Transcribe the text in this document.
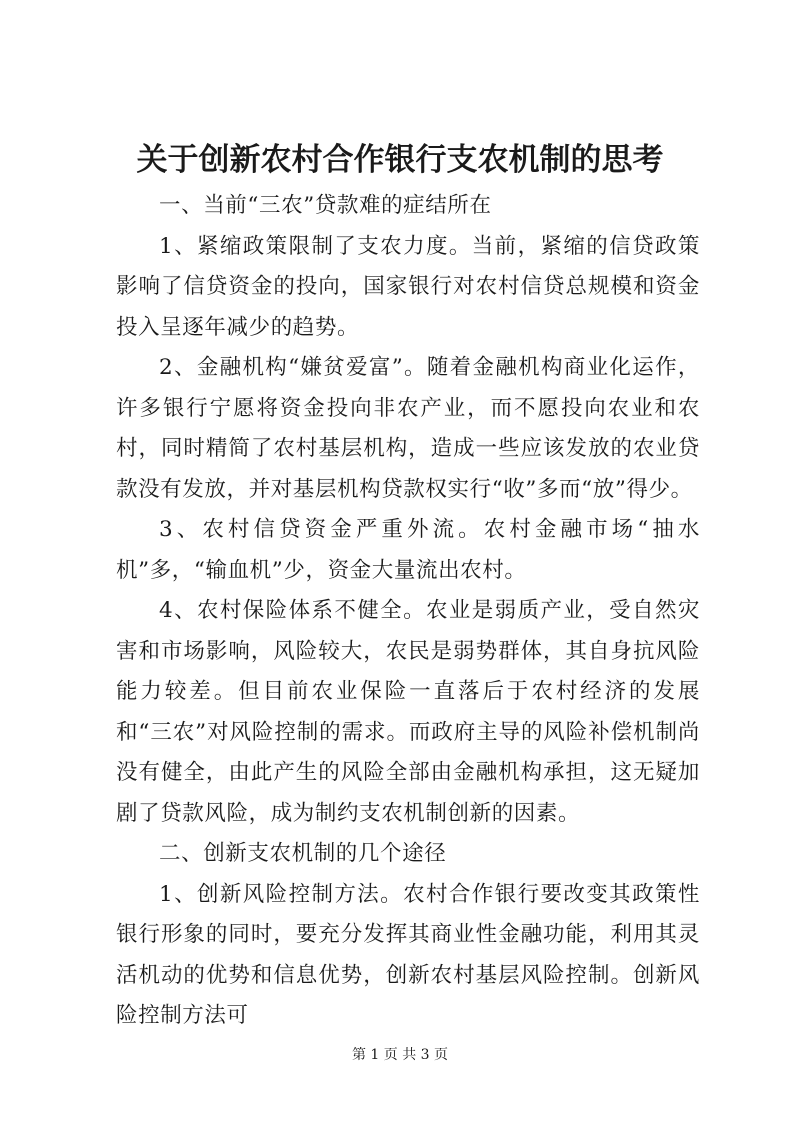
关于创新农村合作银行支农机制的思考

一、当前“三农”贷款难的症结所在

1、紧缩政策限制了支农力度。当前，紧缩的信贷政策影响了信贷资金的投向，国家银行对农村信贷总规模和资金投入呈逐年减少的趋势。

2、金融机构“嫌贫爱富”。随着金融机构商业化运作，许多银行宁愿将资金投向非农产业，而不愿投向农业和农村，同时精简了农村基层机构，造成一些应该发放的农业贷款没有发放，并对基层机构贷款权实行“收”多而“放”得少。

3、农村信贷资金严重外流。农村金融市场“抽水机”多，“输血机”少，资金大量流出农村。

4、农村保险体系不健全。农业是弱质产业，受自然灾害和市场影响，风险较大，农民是弱势群体，其自身抗风险能力较差。但目前农业保险一直落后于农村经济的发展和“三农”对风险控制的需求。而政府主导的风险补偿机制尚没有健全，由此产生的风险全部由金融机构承担，这无疑加剧了贷款风险，成为制约支农机制创新的因素。

二、创新支农机制的几个途径

1、创新风险控制方法。农村合作银行要改变其政策性银行形象的同时，要充分发挥其商业性金融功能，利用其灵活机动的优势和信息优势，创新农村基层风险控制。创新风险控制方法可

第 1 页 共 3 页
